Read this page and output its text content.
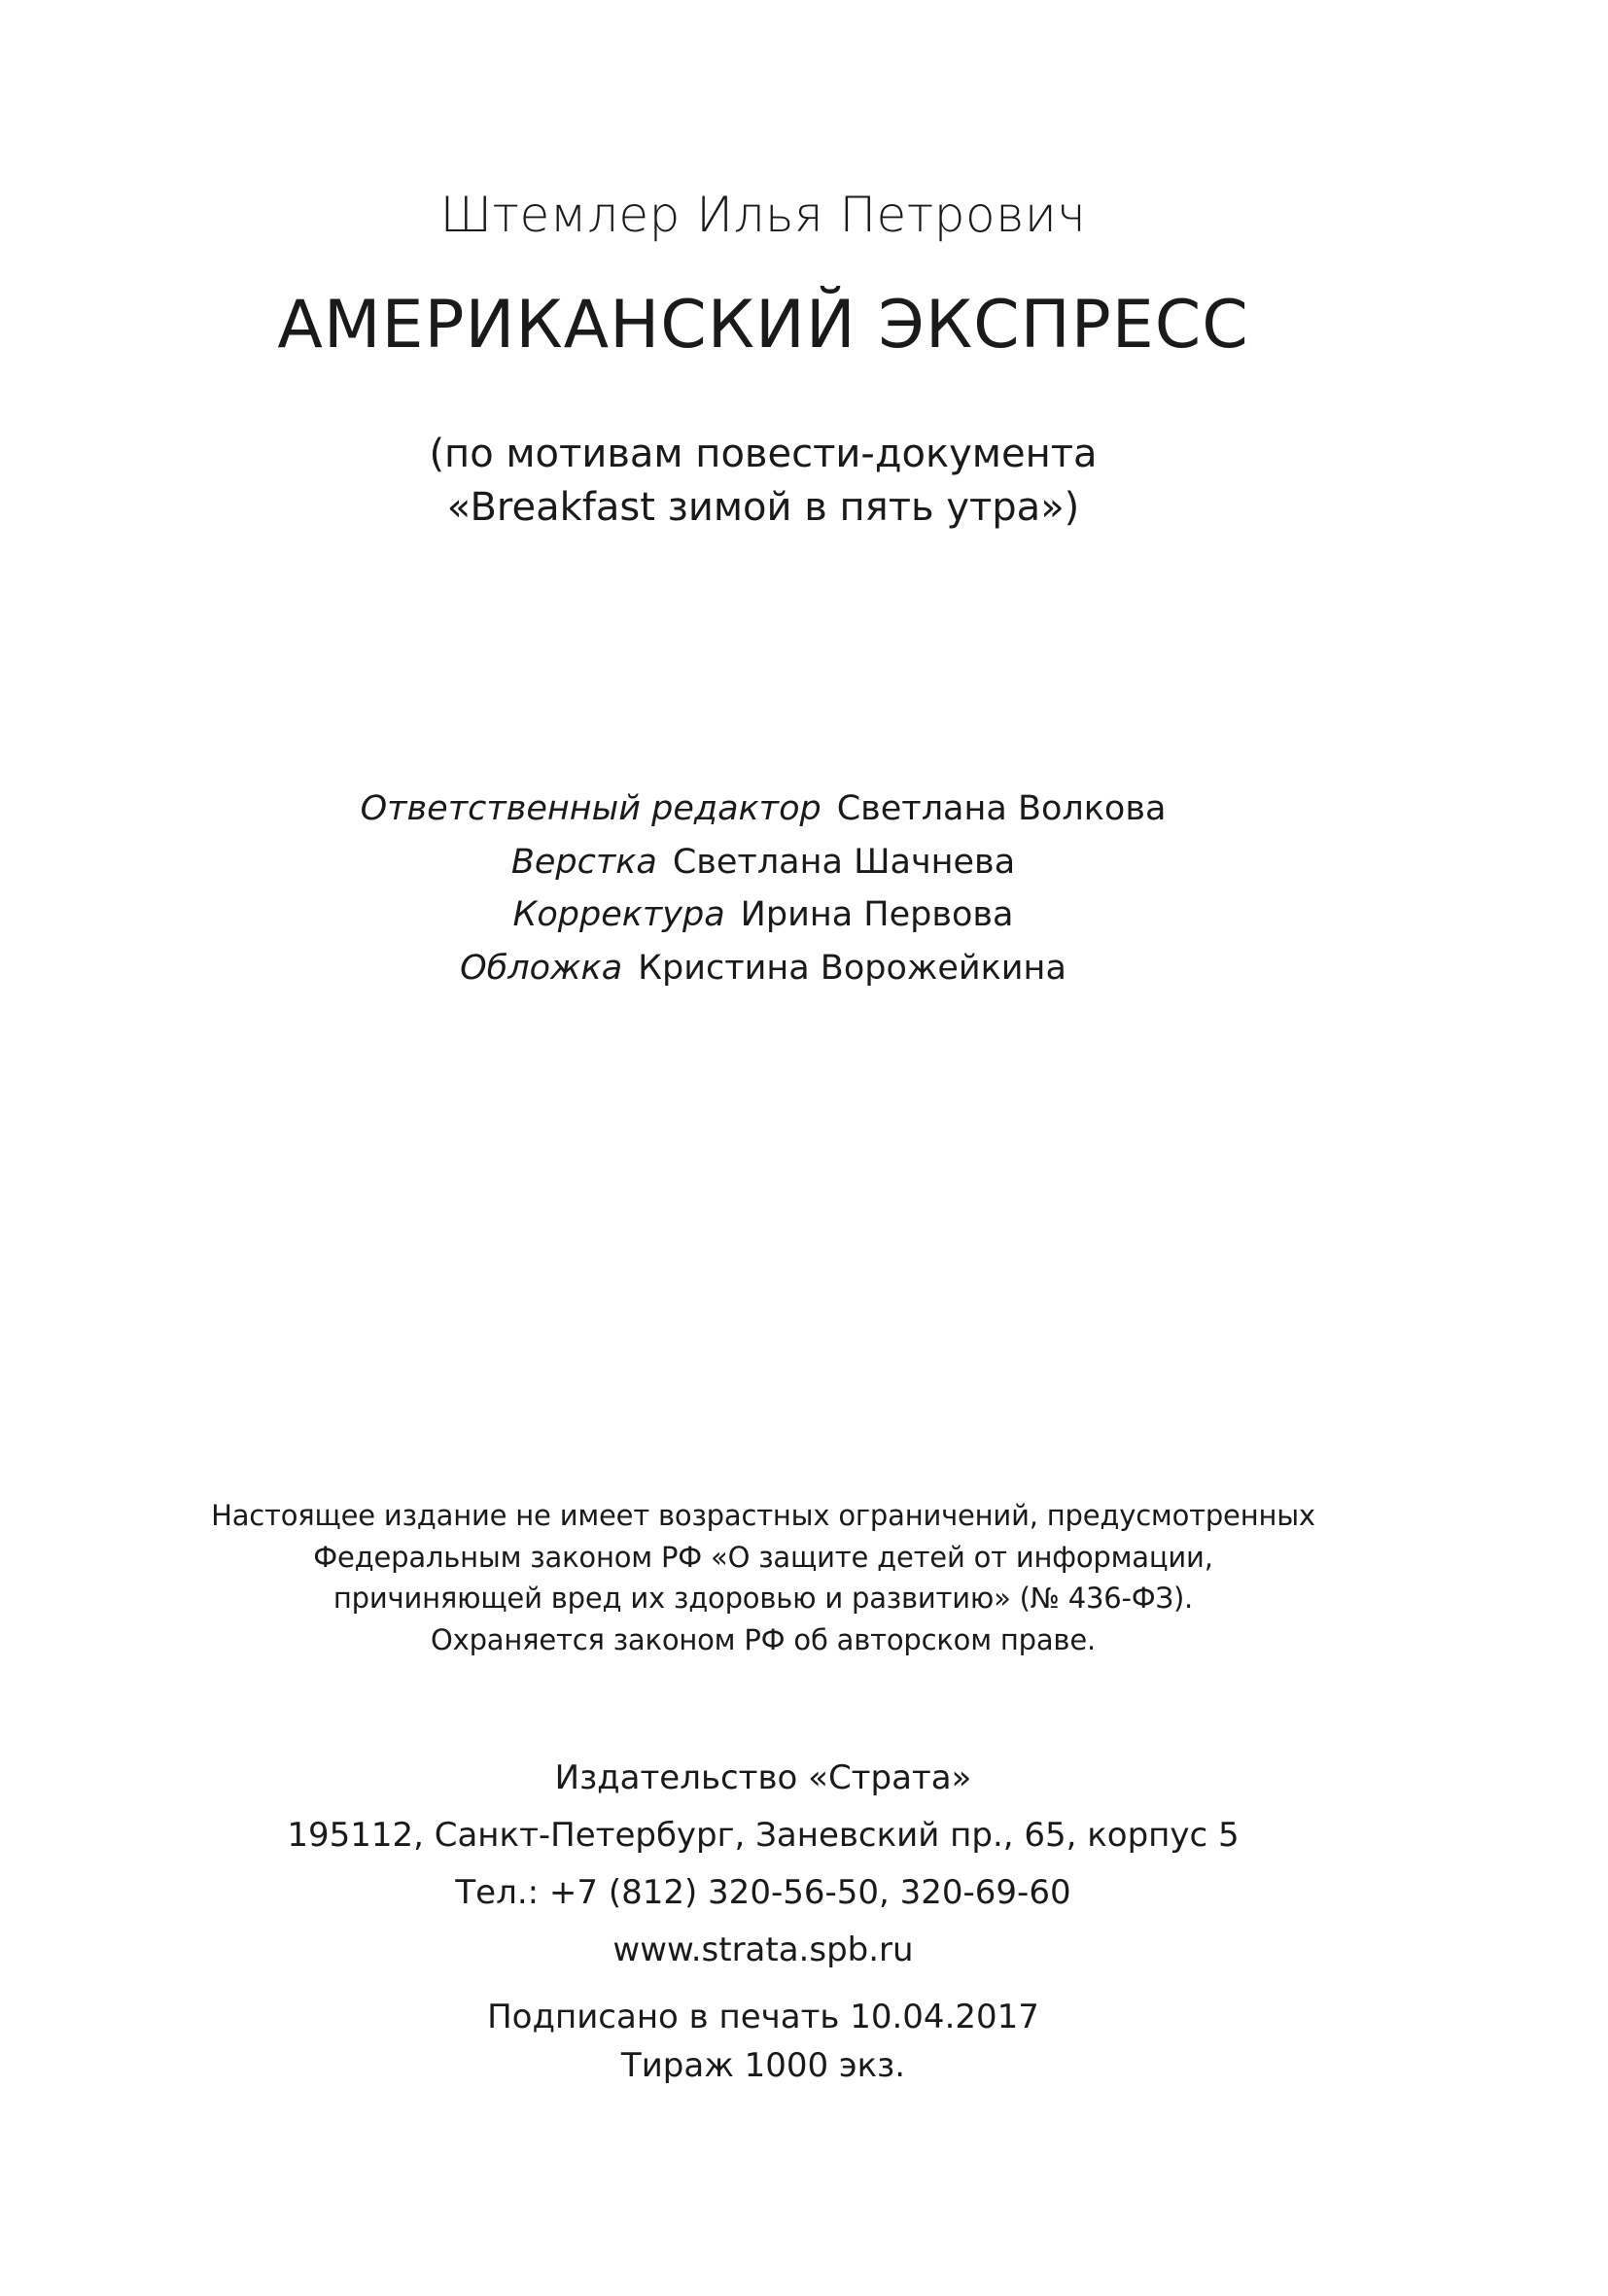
Штемлер Илья Петрович
АМЕРИКАНСКИЙ ЭКСПРЕСС
(по мотивам повести-документа
«Breakfast зимой в пять утра»)
Ответственный редактор Светлана Волкова
Верстка Светлана Шачнева
Корректура Ирина Первова
Обложка Кристина Ворожейкина
Настоящее издание не имеет возрастных ограничений, предусмотренных
Федеральным законом РФ «О защите детей от информации,
причиняющей вред их здоровью и развитию» (№ 436-ФЗ).
Охраняется законом РФ об авторском праве.
Издательство «Страта»
195112, Санкт-Петербург, Заневский пр., 65, корпус 5
Тел.: +7 (812) 320-56-50, 320-69-60
www.strata.spb.ru
Подписано в печать 10.04.2017
Тираж 1000 экз.
